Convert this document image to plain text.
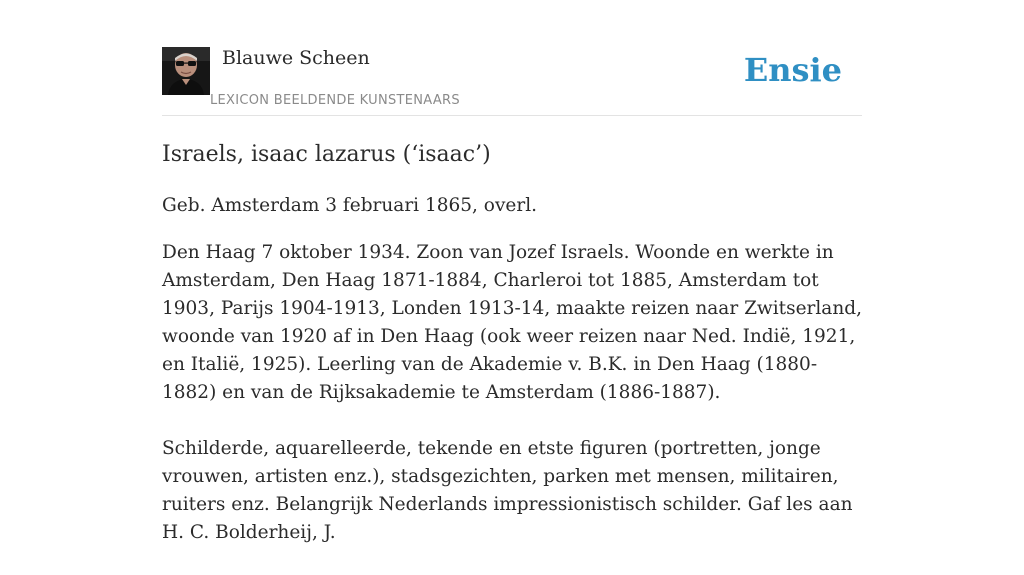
Blauwe Scheen
LEXICON BEELDENDE KUNSTENAARS
Ensie
Israels, isaac lazarus (‘isaac’)

Geb. Amsterdam 3 februari 1865, overl.

Den Haag 7 oktober 1934. Zoon van Jozef Israels. Woonde en werkte in Amsterdam, Den Haag 1871-1884, Charleroi tot 1885, Amsterdam tot 1903, Parijs 1904-1913, Londen 1913-14, maakte reizen naar Zwitserland, woonde van 1920 af in Den Haag (ook weer reizen naar Ned. Indië, 1921, en Italië, 1925). Leerling van de Akademie v. B.K. in Den Haag (1880-1882) en van de Rijksakademie te Amsterdam (1886-1887).

Schilderde, aquarelleerde, tekende en etste figuren (portretten, jonge vrouwen, artisten enz.), stadsgezichten, parken met mensen, militairen, ruiters enz. Belangrijk Nederlands impressionistisch schilder. Gaf les aan H. C. Bolderheij, J.
